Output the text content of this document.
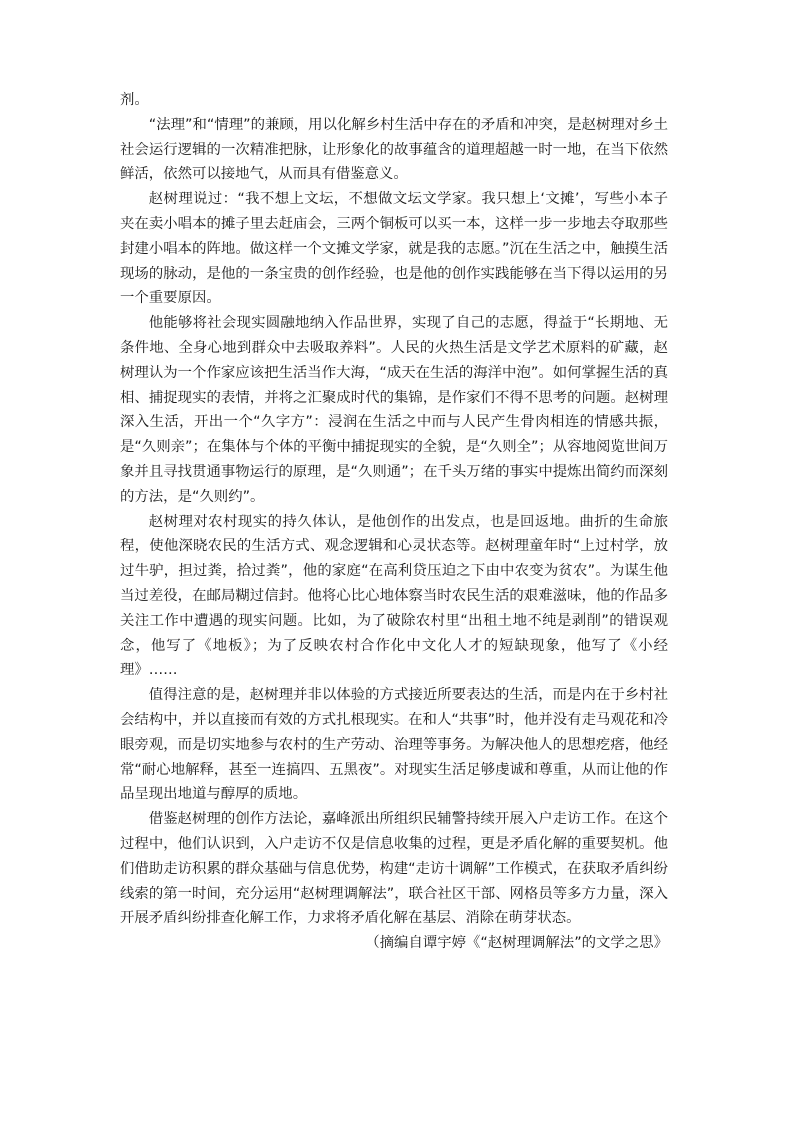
剂。

“法理”和“情理”的兼顾，用以化解乡村生活中存在的矛盾和冲突，是赵树理对乡土社会运行逻辑的一次精准把脉，让形象化的故事蕴含的道理超越一时一地，在当下依然鲜活，依然可以接地气，从而具有借鉴意义。

赵树理说过：“我不想上文坛，不想做文坛文学家。我只想上‘文摊’，写些小本子夹在卖小唱本的摊子里去赶庙会，三两个铜板可以买一本，这样一步一步地去夺取那些封建小唱本的阵地。做这样一个文摊文学家，就是我的志愿。”沉在生活之中，触摸生活现场的脉动，是他的一条宝贵的创作经验，也是他的创作实践能够在当下得以运用的另一个重要原因。

他能够将社会现实圆融地纳入作品世界，实现了自己的志愿，得益于“长期地、无条件地、全身心地到群众中去吸取养料”。人民的火热生活是文学艺术原料的矿藏，赵树理认为一个作家应该把生活当作大海，“成天在生活的海洋中泡”。如何掌握生活的真相、捕捉现实的表情，并将之汇聚成时代的集锦，是作家们不得不思考的问题。赵树理深入生活，开出一个“久字方”：浸润在生活之中而与人民产生骨肉相连的情感共振，是“久则亲”；在集体与个体的平衡中捕捉现实的全貌，是“久则全”；从容地阅览世间万象并且寻找贯通事物运行的原理，是“久则通”；在千头万绪的事实中提炼出简约而深刻的方法，是“久则约”。

赵树理对农村现实的持久体认，是他创作的出发点，也是回返地。曲折的生命旅程，使他深晓农民的生活方式、观念逻辑和心灵状态等。赵树理童年时“上过村学，放过牛驴，担过粪，拾过粪”，他的家庭“在高利贷压迫之下由中农变为贫农”。为谋生他当过差役，在邮局糊过信封。他将心比心地体察当时农民生活的艰难滋味，他的作品多关注工作中遭遇的现实问题。比如，为了破除农村里“出租土地不纯是剥削”的错误观念，他写了《地板》；为了反映农村合作化中文化人才的短缺现象，他写了《小经理》……

值得注意的是，赵树理并非以体验的方式接近所要表达的生活，而是内在于乡村社会结构中，并以直接而有效的方式扎根现实。在和人“共事”时，他并没有走马观花和冷眼旁观，而是切实地参与农村的生产劳动、治理等事务。为解决他人的思想疙瘩，他经常“耐心地解释，甚至一连搞四、五黑夜”。对现实生活足够虔诚和尊重，从而让他的作品呈现出地道与醇厚的质地。

借鉴赵树理的创作方法论，嘉峰派出所组织民辅警持续开展入户走访工作。在这个过程中，他们认识到，入户走访不仅是信息收集的过程，更是矛盾化解的重要契机。他们借助走访积累的群众基础与信息优势，构建“走访十调解”工作模式，在获取矛盾纠纷线索的第一时间，充分运用“赵树理调解法”，联合社区干部、网格员等多方力量，深入开展矛盾纠纷排查化解工作，力求将矛盾化解在基层、消除在萌芽状态。

（摘编自谭宇婷《“赵树理调解法”的文学之思》
